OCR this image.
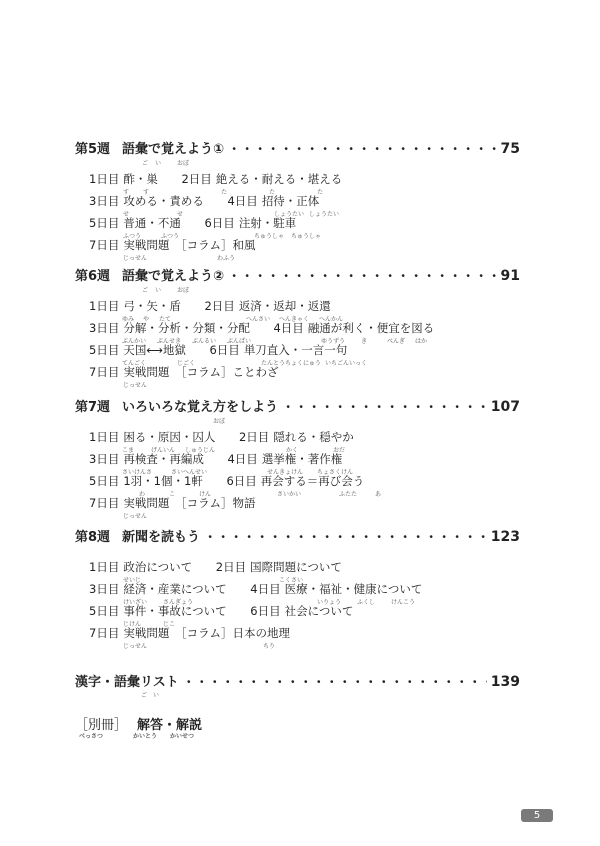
第5週 語彙で覚えよう① ・・・・・・・・・・・・・・・・・・・・・・・・・・・・・・・・・・・・・・・・・・・・・・・・・・・・・・・・・・・・・・・・・・・・・・・・・・・・・・	75
ご い	おぼ
1日目 酢・巣 2日目 絶える・耐える・堪える
す す	た	た	た
3日目 攻める・責める 4日目 招待・正体
せ	せ	しょうたい しょうたい
5日目 普通・不通 6日目 注射・駐車
ふつう	ふつう	ちゅうしゃ ちゅうしゃ
7日目 実戦問題　［コラム］和風
じっせん	わふう
第6週 語彙で覚えよう② ・・・・・・・・・・・・・・・・・・・・・・・・・・・・・・・・・・・・・・・・・・・・・・・・・・・・・・・・・・・・・・・・・・・・・・・・・・・・・・	91
ご い	おぼ
1日目 弓・矢・盾 2日目 返済・返却・返還
ゆみ や たて	へんさい へんきゃく へんかん
3日目 分解・分析・分類・分配 4日目 融通が利く・便宜を図る
ぶんかい ぶんせき ぶんるい ぶんぱい	ゆうずう	き	べんぎ はか
5日目 天国⟷地獄 6日目 単刀直入・一言一句
てんごく	じごく	たんとうちょくにゅう いちごんいっく
7日目 実戦問題　［コラム］ことわざ
じっせん
第7週 いろいろな覚え方をしよう ・・・・・・・・・・・・・・・・・・・・・・・・・・・・・・・・・・・・・・・・・・・・・・・・・・・・・・・・・・・・・・・・・・・・・・・・・・・・・・	107
おぼ
1日目 困る・原因・囚人 2日目 隠れる・穏やか
こま	げんいん しゅうじん	かく	おだ
3日目 再検査・再編成 4日目 選挙権・著作権
さいけんさ	さいへんせい	せんきょけん ちょさくけん
5日目 1羽・1個・1軒 6日目 再会する＝再び会う
わ	こ	けん	さいかい	ふたた	あ
7日目 実戦問題　［コラム］物語
じっせん
第8週 新聞を読もう ・・・・・・・・・・・・・・・・・・・・・・・・・・・・・・・・・・・・・・・・・・・・・・・・・・・・・・・・・・・・・・・・・・・・・・・・・・・・・・	123
1日目 政治について 2日目 国際問題について
せいじ	こくさい
3日目 経済・産業について 4日目 医療・福祉・健康について
けいざい	さんぎょう	いりょう	ふくし	けんこう
5日目 事件・事故について 6日目 社会について
じけん	じこ
7日目 実戦問題　［コラム］日本の地理
じっせん	ちり
漢字・語彙リスト ・・・・・・・・・・・・・・・・・・・・・・・・・・・・・・・・・・・・・・・・・・・・・・・・・・・・・・・・・・・・・・・・・・・・・・・・・・・・・・	139
ご　い
［別冊］ 解答・解説
べっさつ	かいとう かいせつ
5
